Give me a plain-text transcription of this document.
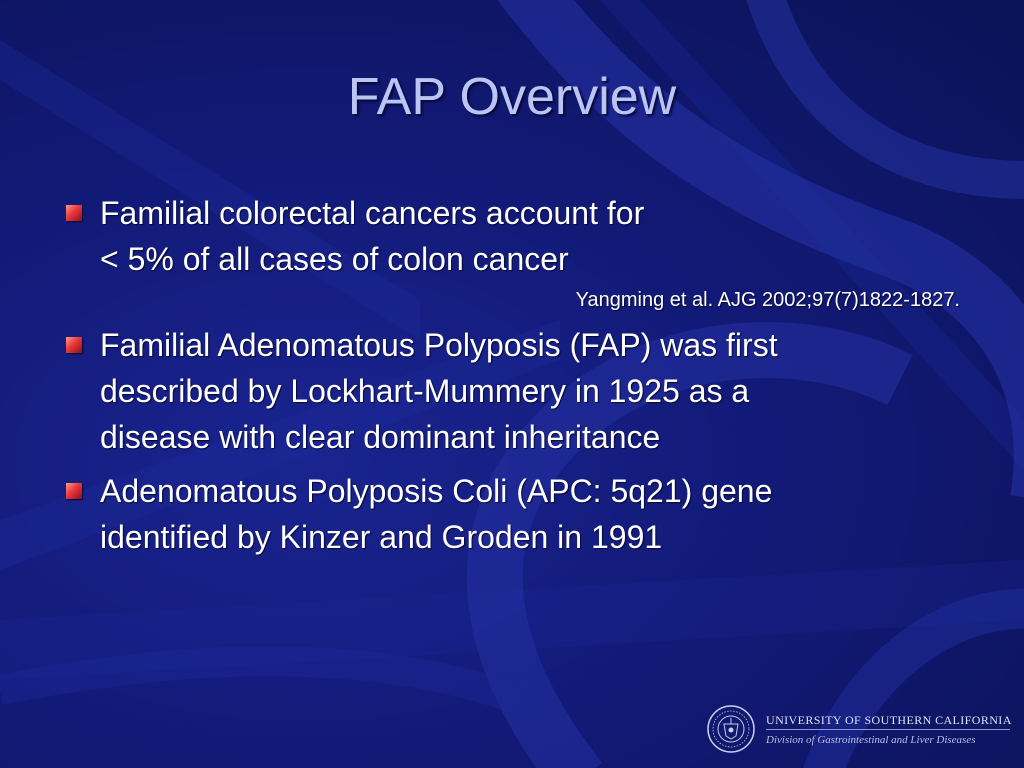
FAP Overview
Familial colorectal cancers account for
< 5% of all cases of colon cancer
Yangming et al. AJG 2002;97(7)1822-1827.
Familial Adenomatous Polyposis (FAP) was first
described by Lockhart-Mummery in 1925 as a
disease with clear dominant inheritance
Adenomatous Polyposis Coli (APC: 5q21) gene
identified by Kinzer and Groden in 1991
UNIVERSITY OF SOUTHERN CALIFORNIA
Division of Gastrointestinal and Liver Diseases
